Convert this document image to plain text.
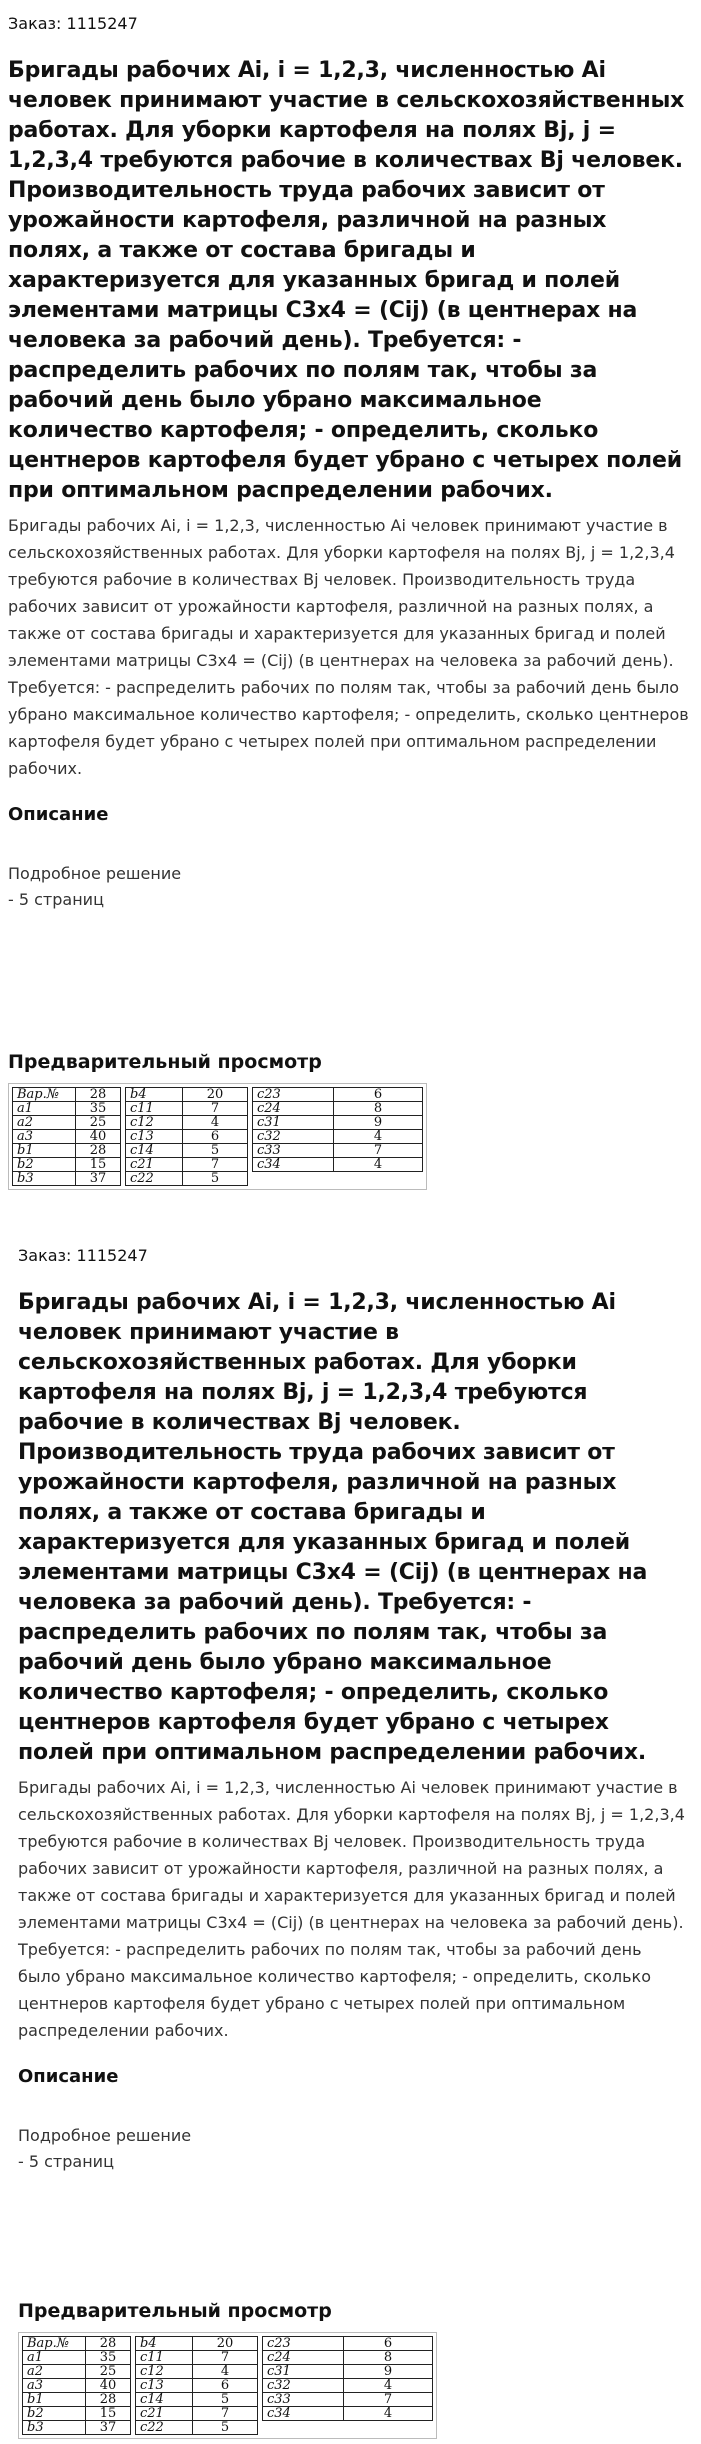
Заказ: 1115247
Бригады рабочих Ai, i = 1,2,3, численностью Ai человек принимают участие в сельскохозяйственных работах. Для уборки картофеля на полях Bj, j = 1,2,3,4 требуются рабочие в количествах Bj человек. Производительность труда рабочих зависит от урожайности картофеля, различной на разных полях, а также от состава бригады и характеризуется для указанных бригад и полей элементами матрицы C3x4 = (Cij) (в центнерах на человека за рабочий день). Требуется: - распределить рабочих по полям так, чтобы за рабочий день было убрано максимальное количество картофеля; - определить, сколько центнеров картофеля будет убрано с четырех полей при оптимальном распределении рабочих.

Бригады рабочих Ai, i = 1,2,3, численностью Ai человек принимают участие в сельскохозяйственных работах. Для уборки картофеля на полях Bj, j = 1,2,3,4 требуются рабочие в количествах Bj человек. Производительность труда рабочих зависит от урожайности картофеля, различной на разных полях, а также от состава бригады и характеризуется для указанных бригад и полей элементами матрицы C3x4 = (Cij) (в центнерах на человека за рабочий день). Требуется: - распределить рабочих по полям так, чтобы за рабочий день было убрано максимальное количество картофеля; - определить, сколько центнеров картофеля будет убрано с четырех полей при оптимальном распределении рабочих.

Описание

Подробное решение

- 5 страниц

Предварительный просмотр
Вар.№	28
a1	35
a2	25
a3	40
b1	28
b2	15
b3	37
b4	20
c11	7
c12	4
c13	6
c14	5
c21	7
c22	5
c23	6
c24	8
c31	9
c32	4
c33	7
c34	4
Заказ: 1115247
Бригады рабочих Ai, i = 1,2,3, численностью Ai человек принимают участие в сельскохозяйственных работах. Для уборки картофеля на полях Bj, j = 1,2,3,4 требуются рабочие в количествах Bj человек. Производительность труда рабочих зависит от урожайности картофеля, различной на разных полях, а также от состава бригады и характеризуется для указанных бригад и полей элементами матрицы C3x4 = (Cij) (в центнерах на человека за рабочий день). Требуется: - распределить рабочих по полям так, чтобы за рабочий день было убрано максимальное количество картофеля; - определить, сколько центнеров картофеля будет убрано с четырех полей при оптимальном распределении рабочих.

Бригады рабочих Ai, i = 1,2,3, численностью Ai человек принимают участие в сельскохозяйственных работах. Для уборки картофеля на полях Bj, j = 1,2,3,4 требуются рабочие в количествах Bj человек. Производительность труда рабочих зависит от урожайности картофеля, различной на разных полях, а также от состава бригады и характеризуется для указанных бригад и полей элементами матрицы C3x4 = (Cij) (в центнерах на человека за рабочий день). Требуется: - распределить рабочих по полям так, чтобы за рабочий день было убрано максимальное количество картофеля; - определить, сколько центнеров картофеля будет убрано с четырех полей при оптимальном распределении рабочих.

Описание

Подробное решение

- 5 страниц

Предварительный просмотр
Вар.№	28
a1	35
a2	25
a3	40
b1	28
b2	15
b3	37
b4	20
c11	7
c12	4
c13	6
c14	5
c21	7
c22	5
c23	6
c24	8
c31	9
c32	4
c33	7
c34	4
